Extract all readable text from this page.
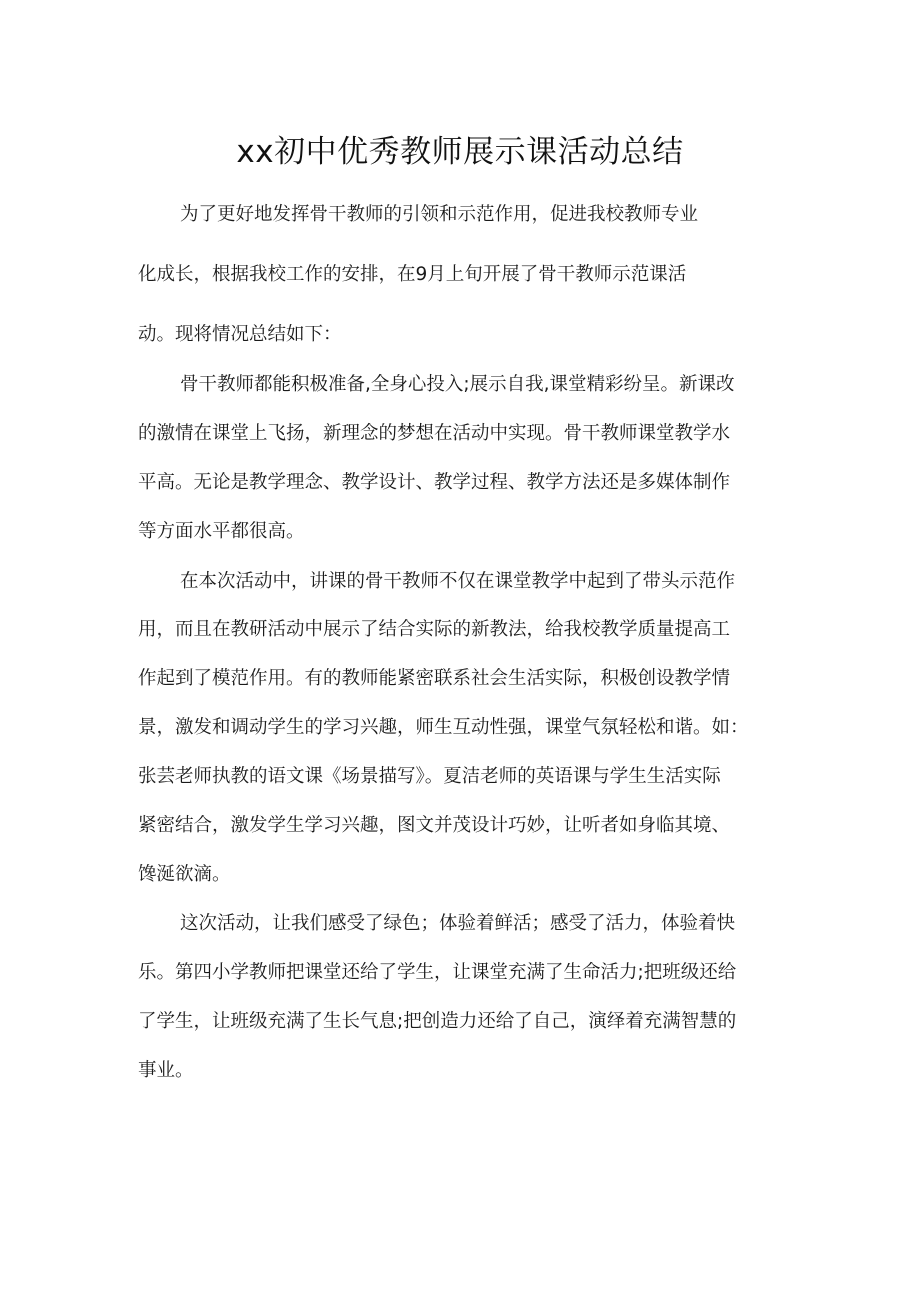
xx初中优秀教师展示课活动总结
为了更好地发挥骨干教师的引领和示范作用，促进我校教师专业
化成长，根据我校工作的安排，在9月上旬开展了骨干教师示范课活
动。现将情况总结如下：
骨干教师都能积极准备,全身心投入;展示自我,课堂精彩纷呈。新课改
的激情在课堂上飞扬，新理念的梦想在活动中实现。骨干教师课堂教学水
平高。无论是教学理念、教学设计、教学过程、教学方法还是多媒体制作
等方面水平都很高。
在本次活动中，讲课的骨干教师不仅在课堂教学中起到了带头示范作
用，而且在教研活动中展示了结合实际的新教法，给我校教学质量提高工
作起到了模范作用。有的教师能紧密联系社会生活实际，积极创设教学情
景，激发和调动学生的学习兴趣，师生互动性强，课堂气氛轻松和谐。如：
张芸老师执教的语文课《场景描写》。夏洁老师的英语课与学生生活实际
紧密结合，激发学生学习兴趣，图文并茂设计巧妙，让听者如身临其境、
馋涎欲滴。
这次活动，让我们感受了绿色；体验着鲜活；感受了活力，体验着快
乐。第四小学教师把课堂还给了学生，让课堂充满了生命活力;把班级还给
了学生，让班级充满了生长气息;把创造力还给了自己，演绎着充满智慧的
事业。
